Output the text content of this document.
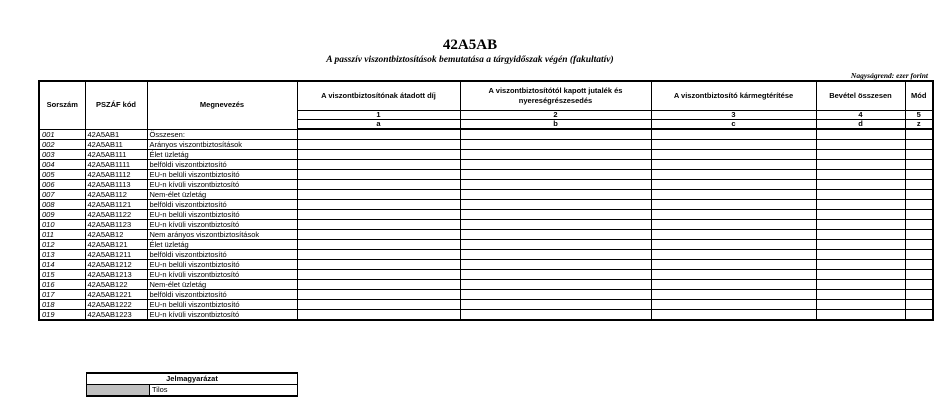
42A5AB
A passzív viszontbiztosítások bemutatása a tárgyidőszak végén (fakultatív)
Nagyságrend: ezer forint
Sorszám	PSZÁF kód	Megnevezés	A viszontbiztosítónak átadott díj	A viszontbiztosítótól kapott jutalék és nyereségrészesedés	A viszontbiztosító kármegtérítése	Bevétel összesen	Mód
			1	2	3	4	5
			a	b	c	d	z
001	42A5AB1	Összesen:					
002	42A5AB11	Arányos viszontbiztosítások					
003	42A5AB111	Élet üzletág					
004	42A5AB1111	belföldi viszontbiztosító					
005	42A5AB1112	EU-n belüli viszontbiztosító					
006	42A5AB1113	EU-n kívüli viszontbiztosító					
007	42A5AB112	Nem-élet üzletág					
008	42A5AB1121	belföldi viszontbiztosító					
009	42A5AB1122	EU-n belüli viszontbiztosító					
010	42A5AB1123	EU-n kívüli viszontbiztosító					
011	42A5AB12	Nem arányos viszontbiztosítások					
012	42A5AB121	Élet üzletág					
013	42A5AB1211	belföldi viszontbiztosító					
014	42A5AB1212	EU-n belüli viszontbiztosító					
015	42A5AB1213	EU-n kívüli viszontbiztosító					
016	42A5AB122	Nem-élet üzletág					
017	42A5AB1221	belföldi viszontbiztosító					
018	42A5AB1222	EU-n belüli viszontbiztosító					
019	42A5AB1223	EU-n kívüli viszontbiztosító					
Jelmagyarázat
	Tilos
